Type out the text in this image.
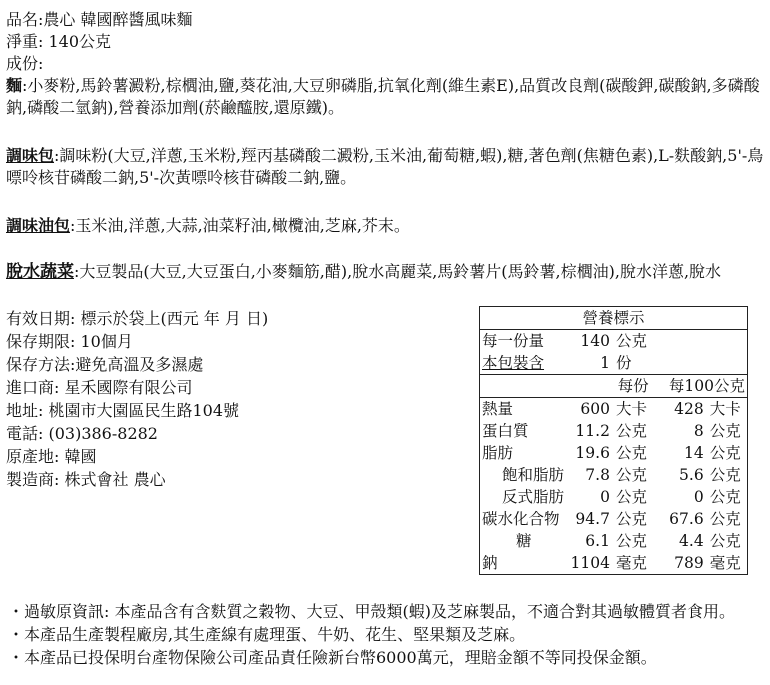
品名:農心 韓國醉醬風味麵
淨重: 140公克
成份:
麵:小麥粉,馬鈴薯澱粉,棕櫚油,鹽,葵花油,大豆卵磷脂,抗氧化劑(維生素E),品質改良劑(碳酸鉀,碳酸鈉,多磷酸鈉,磷酸二氫鈉),營養添加劑(菸鹼醯胺,還原鐵)。
調味包:調味粉(大豆,洋蔥,玉米粉,羥丙基磷酸二澱粉,玉米油,葡萄糖,蝦),糖,著色劑(焦糖色素),L-麩酸鈉,5'-鳥嘌呤核苷磷酸二鈉,5'-次黃嘌呤核苷磷酸二鈉,鹽。
調味油包:玉米油,洋蔥,大蒜,油菜籽油,橄欖油,芝麻,芥末。
脫水蔬菜:大豆製品(大豆,大豆蛋白,小麥麵筋,醋),脫水高麗菜,馬鈴薯片(馬鈴薯,棕櫚油),脫水洋蔥,脫水
有效日期: 標示於袋上(西元 年 月 日)
保存期限: 10個月
保存方法:避免高溫及多濕處
進口商: 星禾國際有限公司
地址: 桃園市大園區民生路104號
電話: (03)386-8282
原產地: 韓國
製造商: 株式會社 農心
營養標示				
每一份量	140	公克		
本包裝含	1	份		
	每份		每100公克	
熱量	600	大卡	428	大卡
蛋白質	11.2	公克	8	公克
脂肪	19.6	公克	14	公克
飽和脂肪	7.8	公克	5.6	公克
反式脂肪	0	公克	0	公克
碳水化合物	94.7	公克	67.6	公克
糖	6.1	公克	4.4	公克
鈉	1104	毫克	789	毫克
・過敏原資訊: 本產品含有含麩質之穀物、大豆、甲殼類(蝦)及芝麻製品，不適合對其過敏體質者食用。
・本產品生產製程廠房,其生產線有處理蛋、牛奶、花生、堅果類及芝麻。
・本產品已投保明台產物保險公司產品責任險新台幣6000萬元，理賠金額不等同投保金額。
